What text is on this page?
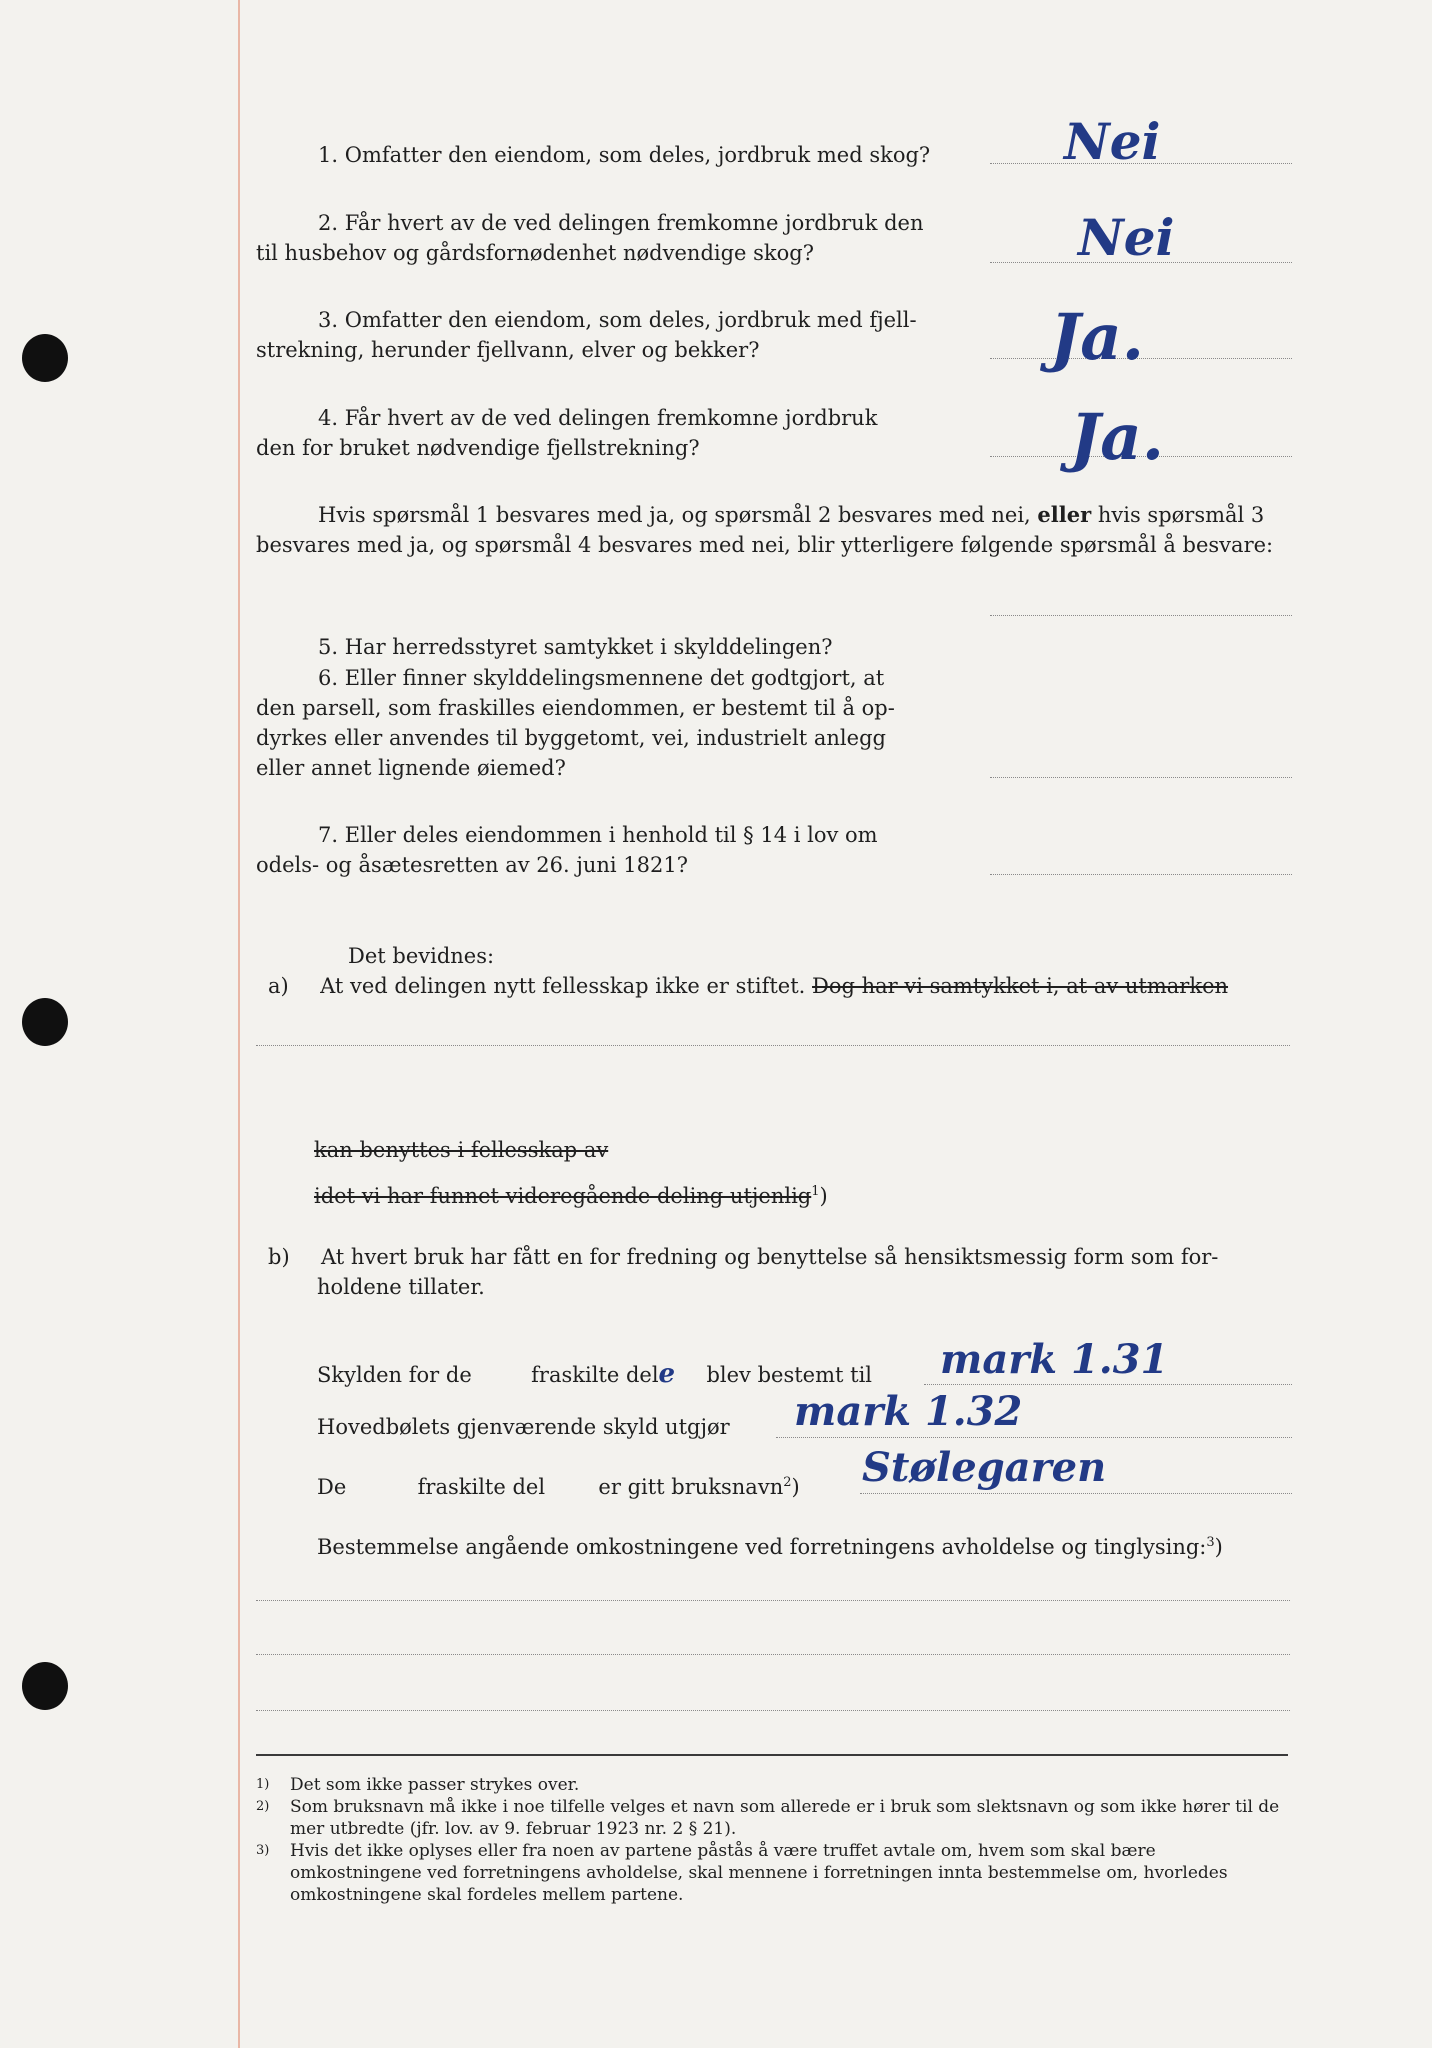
1. Omfatter den eiendom, som deles, jordbruk med skog?	Nei
2. Får hvert av de ved delingen fremkomne jordbruk den
til husbehov og gårdsfornødenhet nødvendige skog?	Nei
3. Omfatter den eiendom, som deles, jordbruk med fjell-
strekning, herunder fjellvann, elver og bekker?	Ja.
4. Får hvert av de ved delingen fremkomne jordbruk
den for bruket nødvendige fjellstrekning?	Ja.
Hvis spørsmål 1 besvares med ja, og spørsmål 2 besvares med nei, eller hvis spørsmål 3
besvares med ja, og spørsmål 4 besvares med nei, blir ytterligere følgende spørsmål å besvare:
5. Har herredsstyret samtykket i skylddelingen?
6. Eller finner skylddelingsmennene det godtgjort, at
den parsell, som fraskilles eiendommen, er bestemt til å op-
dyrkes eller anvendes til byggetomt, vei, industrielt anlegg
eller annet lignende øiemed?
7. Eller deles eiendommen i henhold til § 14 i lov om
odels- og åsætesretten av 26. juni 1821?
Det bevidnes:
a) At ved delingen nytt fellesskap ikke er stiftet. Dog har vi samtykket i, at av utmarken
kan benyttes i fellesskap av
idet vi har funnet videregående deling utjenlig$^1$)
b) At hvert bruk har fått en for fredning og benyttelse så hensiktsmessig form som for-
holdene tillater.
Skylden for de	fraskilte dele blev bestemt til mark 1.31
Hovedbølets gjenværende skyld utgjør mark 1.32
De	fraskilte del	er gitt bruksnavn$^2$) Stølegaren
Bestemmelse angående omkostningene ved forretningens avholdelse og tinglysing:$^3$)
1) Det som ikke passer strykes over.
2) Som bruksnavn må ikke i noe tilfelle velges et navn som allerede er i bruk som slektsnavn og som ikke hører til de mer utbredte (jfr. lov. av 9. februar 1923 nr. 2 § 21).
3) Hvis det ikke oplyses eller fra noen av partene påstås å være truffet avtale om, hvem som skal bære omkostningene ved forretningens avholdelse, skal mennene i forretningen innta bestemmelse om, hvorledes omkostningene skal fordeles mellem partene.
